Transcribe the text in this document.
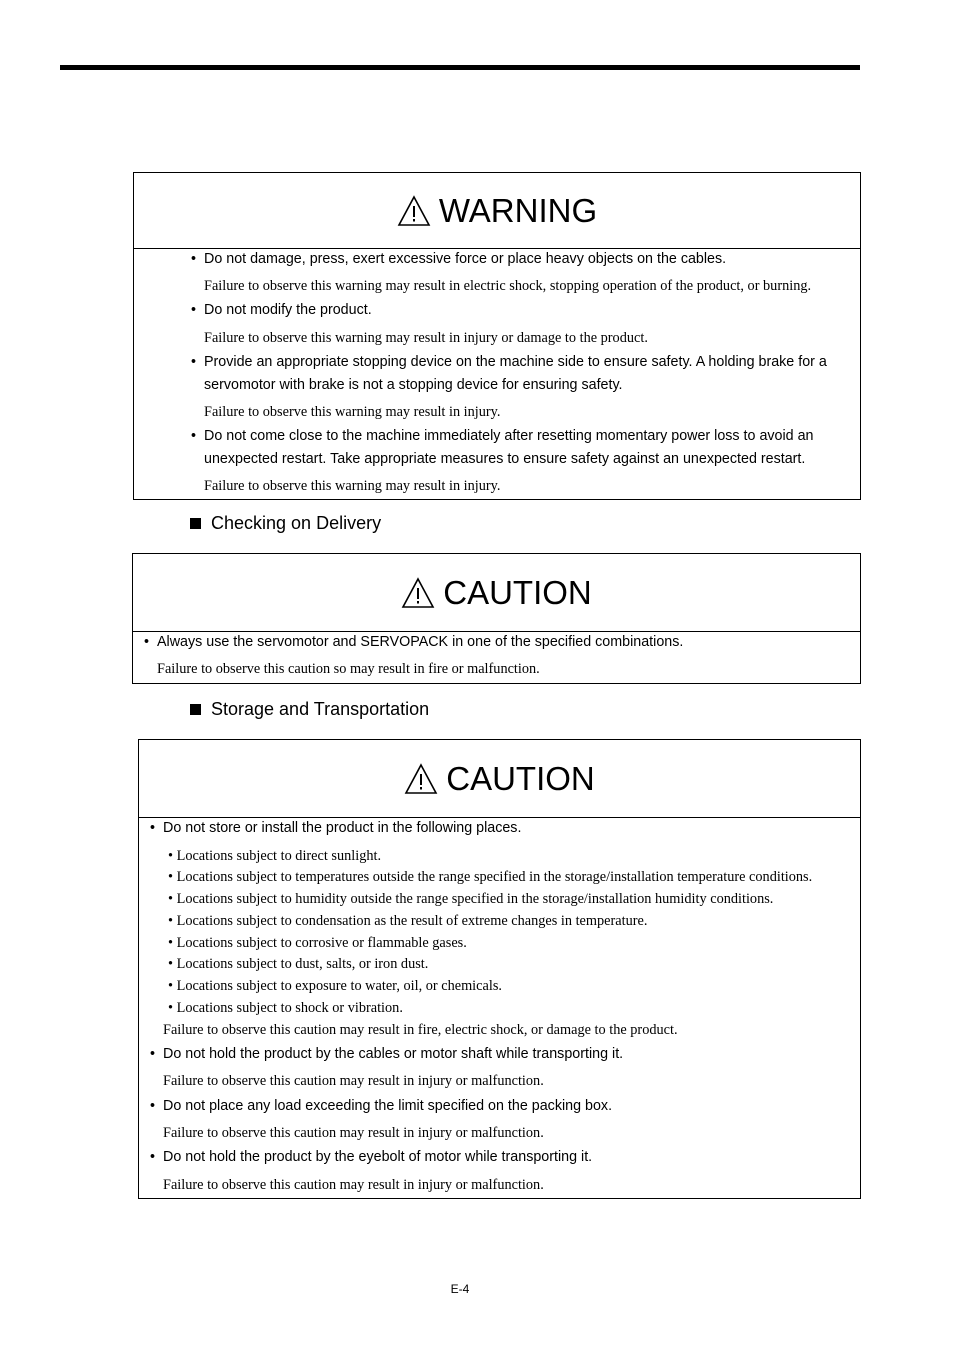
WARNING
• Do not damage, press, exert excessive force or place heavy objects on the cables.
Failure to observe this warning may result in electric shock, stopping operation of the product, or burning.
• Do not modify the product.
Failure to observe this warning may result in injury or damage to the product.
• Provide an appropriate stopping device on the machine side to ensure safety. A holding brake for a
servomotor with brake is not a stopping device for ensuring safety.
Failure to observe this warning may result in injury.
• Do not come close to the machine immediately after resetting momentary power loss to avoid an
unexpected restart. Take appropriate measures to ensure safety against an unexpected restart.
Failure to observe this warning may result in injury.
Checking on Delivery
CAUTION
• Always use the servomotor and SERVOPACK in one of the specified combinations.
Failure to observe this caution so may result in fire or malfunction.
Storage and Transportation
CAUTION
• Do not store or install the product in the following places.
• Locations subject to direct sunlight.
• Locations subject to temperatures outside the range specified in the storage/installation temperature conditions.
• Locations subject to humidity outside the range specified in the storage/installation humidity conditions.
• Locations subject to condensation as the result of extreme changes in temperature.
• Locations subject to corrosive or flammable gases.
• Locations subject to dust, salts, or iron dust.
• Locations subject to exposure to water, oil, or chemicals.
• Locations subject to shock or vibration.
Failure to observe this caution may result in fire, electric shock, or damage to the product.
• Do not hold the product by the cables or motor shaft while transporting it.
Failure to observe this caution may result in injury or malfunction.
• Do not place any load exceeding the limit specified on the packing box.
Failure to observe this caution may result in injury or malfunction.
• Do not hold the product by the eyebolt of motor while transporting it.
Failure to observe this caution may result in injury or malfunction.
E-4
